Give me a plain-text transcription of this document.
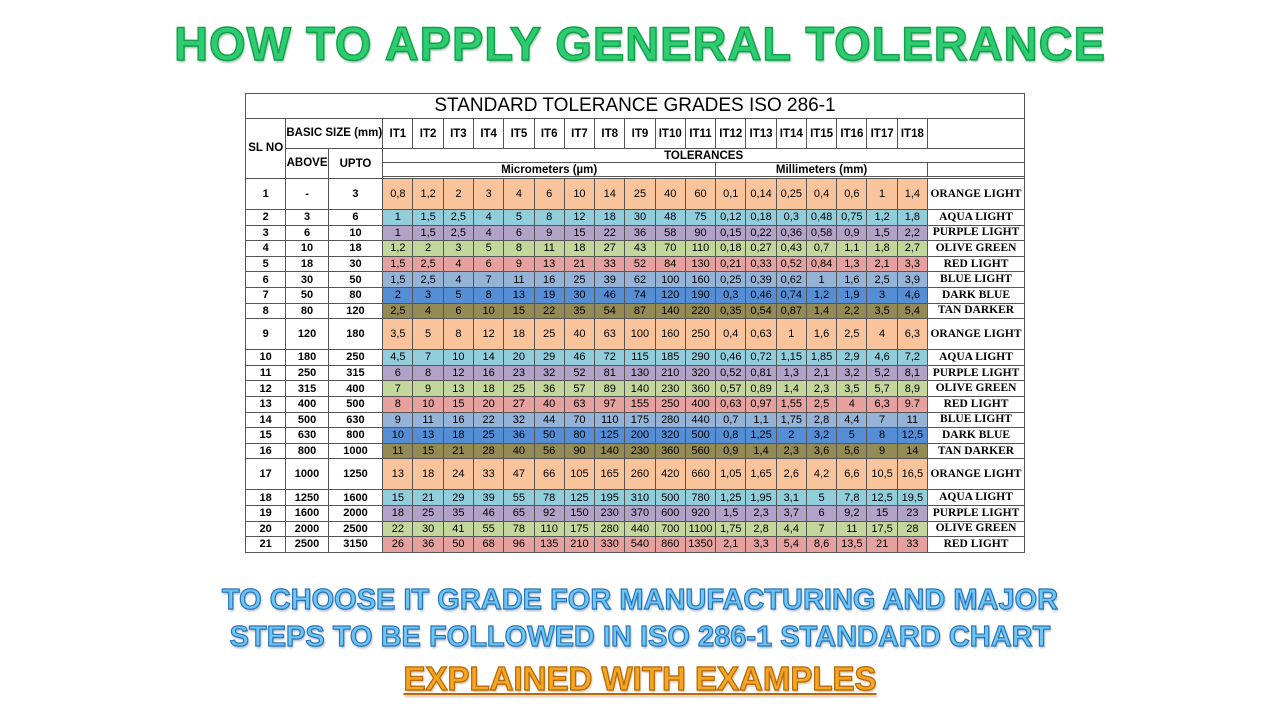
HOW TO APPLY GENERAL TOLERANCE
STANDARD TOLERANCE GRADES ISO 286-1																					
SL NO	BASIC SIZE (mm)		IT1	IT2	IT3	IT4	IT5	IT6	IT7	IT8	IT9	IT10	IT11	IT12	IT13	IT14	IT15	IT16	IT17	IT18	
	ABOVE	UPTO	TOLERANCES																		
			Micrometers (µm)											Millimeters (mm)							

1	-	3	0,8	1,2	2	3	4	6	10	14	25	40	60	0,1	0,14	0,25	0,4	0,6	1	1,4	ORANGE LIGHT
2	3	6	1	1,5	2,5	4	5	8	12	18	30	48	75	0,12	0,18	0,3	0,48	0,75	1,2	1,8	AQUA LIGHT
3	6	10	1	1,5	2,5	4	6	9	15	22	36	58	90	0,15	0,22	0,36	0,58	0,9	1,5	2,2	PURPLE LIGHT
4	10	18	1,2	2	3	5	8	11	18	27	43	70	110	0,18	0,27	0,43	0,7	1,1	1,8	2,7	OLIVE GREEN
5	18	30	1,5	2,5	4	6	9	13	21	33	52	84	130	0,21	0,33	0,52	0,84	1,3	2,1	3,3	RED LIGHT
6	30	50	1,5	2,5	4	7	11	16	25	39	62	100	160	0,25	0,39	0,62	1	1,6	2,5	3,9	BLUE LIGHT
7	50	80	2	3	5	8	13	19	30	46	74	120	190	0,3	0,46	0,74	1,2	1,9	3	4,6	DARK BLUE
8	80	120	2,5	4	6	10	15	22	35	54	87	140	220	0,35	0,54	0,87	1,4	2,2	3,5	5,4	TAN DARKER
9	120	180	3,5	5	8	12	18	25	40	63	100	160	250	0,4	0,63	1	1,6	2,5	4	6,3	ORANGE LIGHT
10	180	250	4,5	7	10	14	20	29	46	72	115	185	290	0,46	0,72	1,15	1,85	2,9	4,6	7,2	AQUA LIGHT
11	250	315	6	8	12	16	23	32	52	81	130	210	320	0,52	0,81	1,3	2,1	3,2	5,2	8,1	PURPLE LIGHT
12	315	400	7	9	13	18	25	36	57	89	140	230	360	0,57	0,89	1,4	2,3	3,5	5,7	8,9	OLIVE GREEN
13	400	500	8	10	15	20	27	40	63	97	155	250	400	0,63	0,97	1,55	2,5	4	6,3	9.7	RED LIGHT
14	500	630	9	11	16	22	32	44	70	110	175	280	440	0,7	1,1	1,75	2,8	4,4	7	11	BLUE LIGHT
15	630	800	10	13	18	25	36	50	80	125	200	320	500	0,8	1,25	2	3,2	5	8	12,5	DARK BLUE
16	800	1000	11	15	21	28	40	56	90	140	230	360	560	0,9	1,4	2,3	3,6	5,6	9	14	TAN DARKER
17	1000	1250	13	18	24	33	47	66	105	165	260	420	660	1,05	1,65	2,6	4,2	6,6	10,5	16,5	ORANGE LIGHT
18	1250	1600	15	21	29	39	55	78	125	195	310	500	780	1,25	1,95	3,1	5	7,8	12,5	19,5	AQUA LIGHT
19	1600	2000	18	25	35	46	65	92	150	230	370	600	920	1,5	2,3	3,7	6	9,2	15	23	PURPLE LIGHT
20	2000	2500	22	30	41	55	78	110	175	280	440	700	1100	1,75	2,8	4,4	7	11	17,5	28	OLIVE GREEN
21	2500	3150	26	36	50	68	96	135	210	330	540	860	1350	2,1	3,3	5,4	8,6	13,5	21	33	RED LIGHT
TO CHOOSE IT GRADE FOR MANUFACTURING AND MAJOR
STEPS TO BE FOLLOWED IN ISO 286-1 STANDARD CHART
EXPLAINED WITH EXAMPLES
